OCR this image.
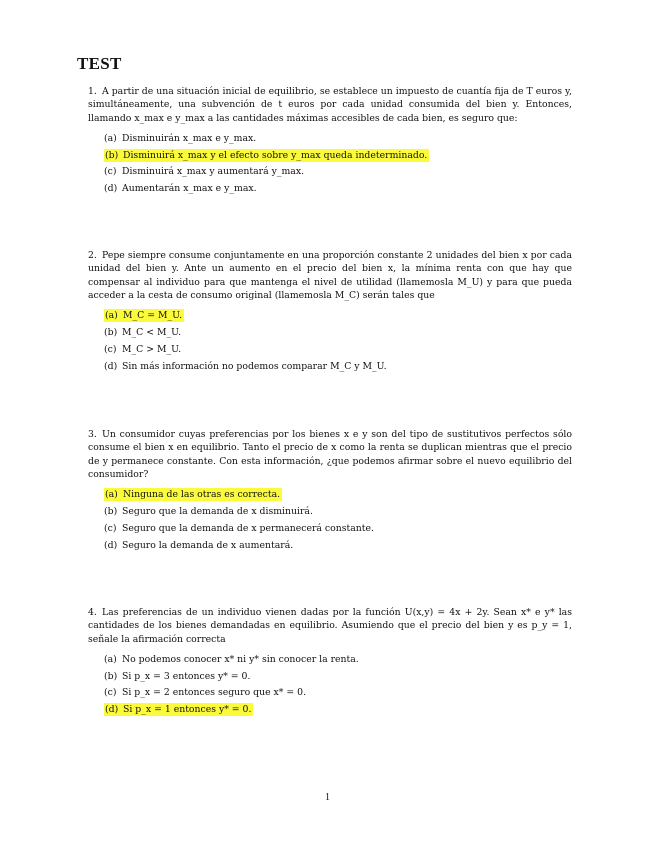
TEST
1. A partir de una situación inicial de equilibrio, se establece un impuesto de cuantía fija de T euros y, simultáneamente, una subvención de t euros por cada unidad consumida del bien y. Entonces, llamando x_max e y_max a las cantidades máximas accesibles de cada bien, es seguro que:
(a) Disminuirán x_max e y_max.
(b) Disminuirá x_max y el efecto sobre y_max queda indeterminado.
(c) Disminuirá x_max y aumentará y_max.
(d) Aumentarán x_max e y_max.
2. Pepe siempre consume conjuntamente en una proporción constante 2 unidades del bien x por cada unidad del bien y. Ante un aumento en el precio del bien x, la mínima renta con que hay que compensar al individuo para que mantenga el nivel de utilidad (llamemosla M_U) y para que pueda acceder a la cesta de consumo original (llamemosla M_C) serán tales que
(a) M_C = M_U.
(b) M_C < M_U.
(c) M_C > M_U.
(d) Sin más información no podemos comparar M_C y M_U.
3. Un consumidor cuyas preferencias por los bienes x e y son del tipo de sustitutivos perfectos sólo consume el bien x en equilibrio. Tanto el precio de x como la renta se duplican mientras que el precio de y permanece constante. Con esta información, ¿que podemos afirmar sobre el nuevo equilibrio del consumidor?
(a) Ninguna de las otras es correcta.
(b) Seguro que la demanda de x disminuirá.
(c) Seguro que la demanda de x permanecerá constante.
(d) Seguro la demanda de x aumentará.
4. Las preferencias de un individuo vienen dadas por la función U(x,y) = 4x + 2y. Sean x* e y* las cantidades de los bienes demandadas en equilibrio. Asumiendo que el precio del bien y es p_y = 1, señale la afirmación correcta
(a) No podemos conocer x* ni y* sin conocer la renta.
(b) Si p_x = 3 entonces y* = 0.
(c) Si p_x = 2 entonces seguro que x* = 0.
(d) Si p_x = 1 entonces y* = 0.
1
